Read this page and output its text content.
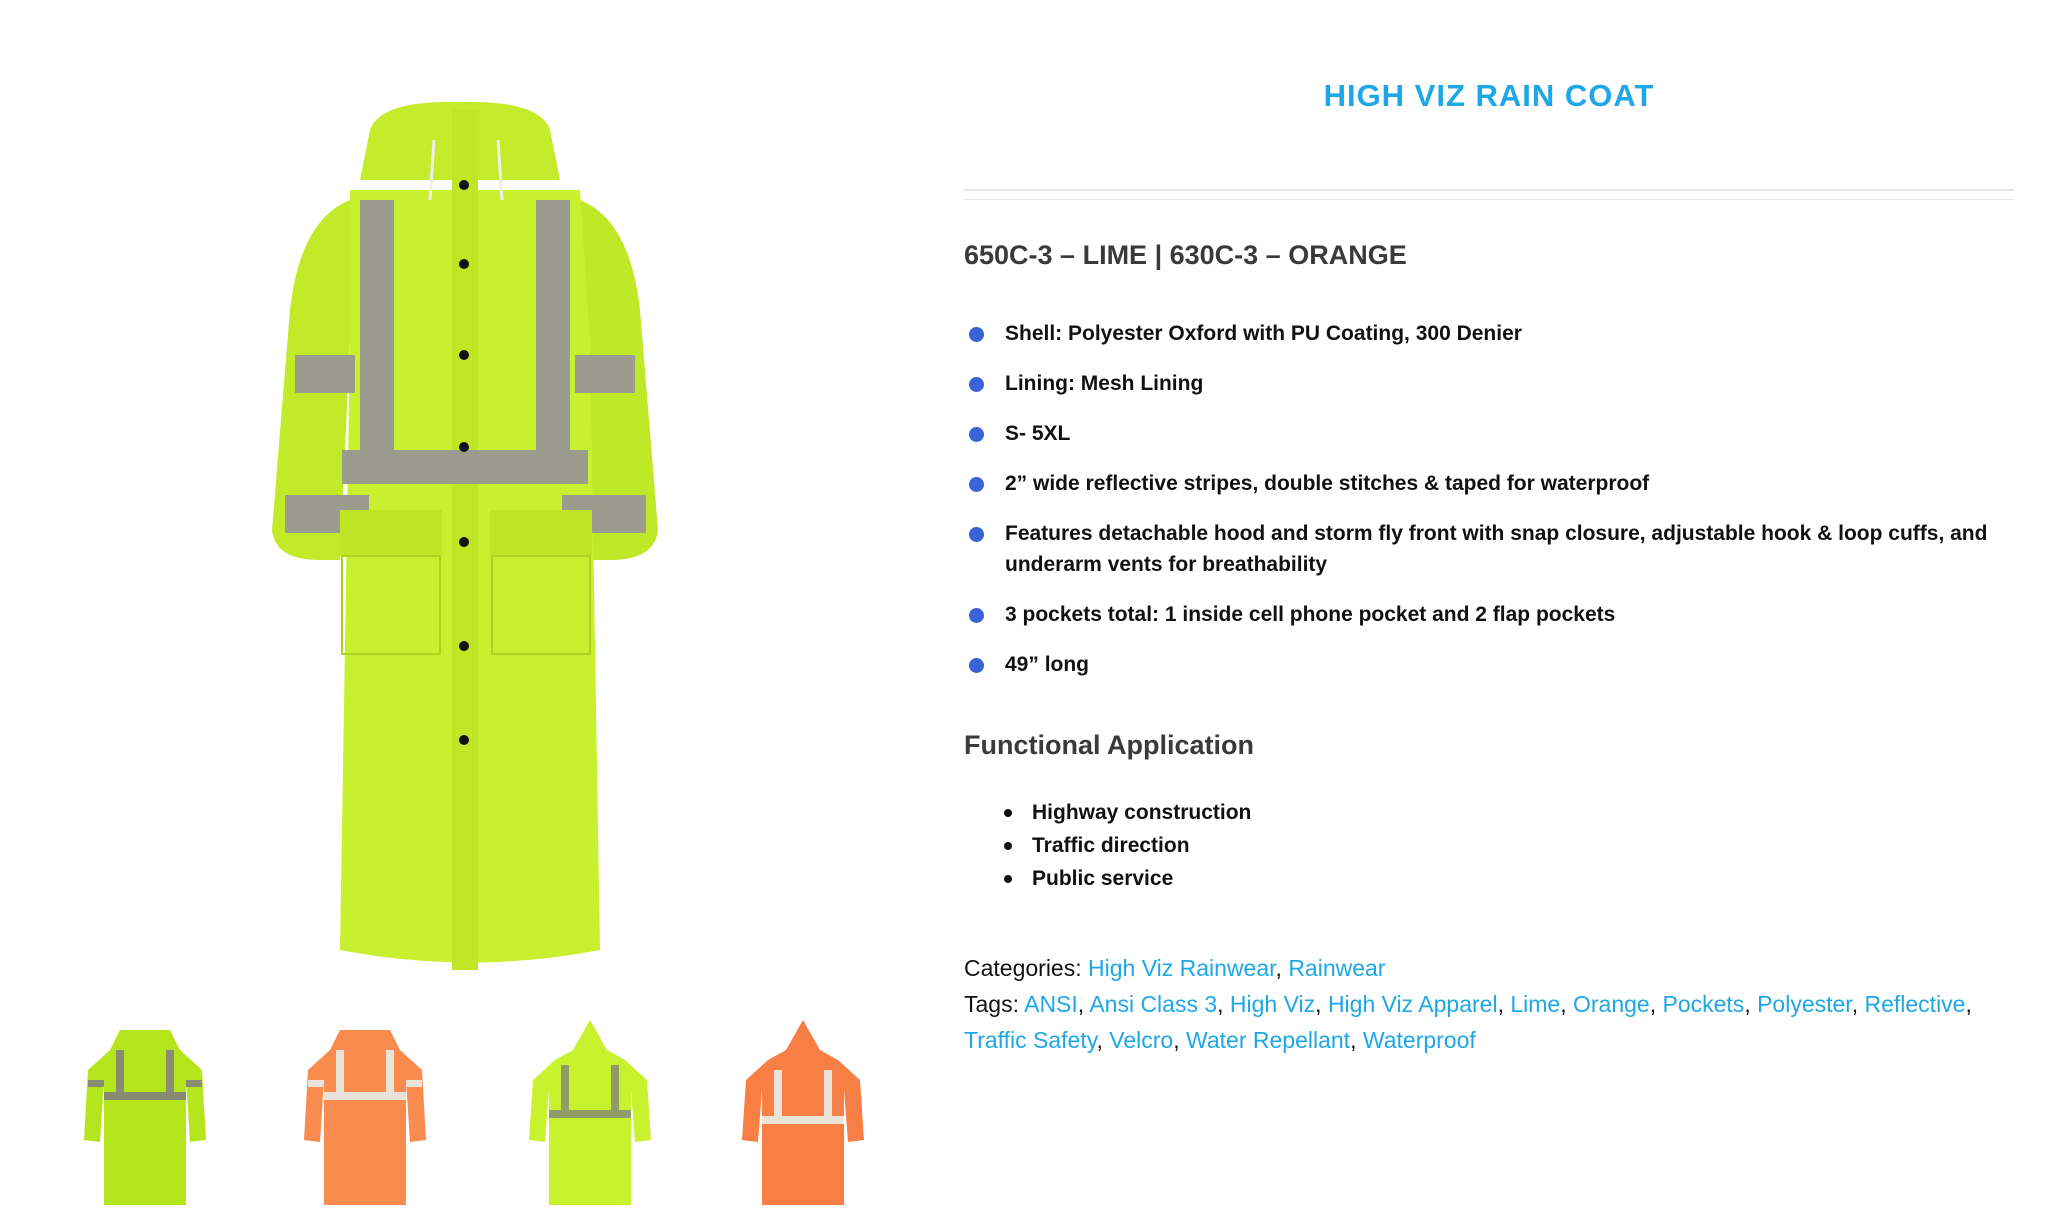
HIGH VIZ RAIN COAT
650C-3 – LIME | 630C-3 – ORANGE
Shell: Polyester Oxford with PU Coating, 300 Denier
Lining: Mesh Lining
S- 5XL
2” wide reflective stripes, double stitches & taped for waterproof
Features detachable hood and storm fly front with snap closure, adjustable hook & loop cuffs, and underarm vents for breathability
3 pockets total: 1 inside cell phone pocket and 2 flap pockets
49” long
Functional Application
Highway construction
Traffic direction
Public service
Categories: High Viz Rainwear, Rainwear
Tags: ANSI, Ansi Class 3, High Viz, High Viz Apparel, Lime, Orange, Pockets, Polyester, Reflective, Traffic Safety, Velcro, Water Repellant, Waterproof
